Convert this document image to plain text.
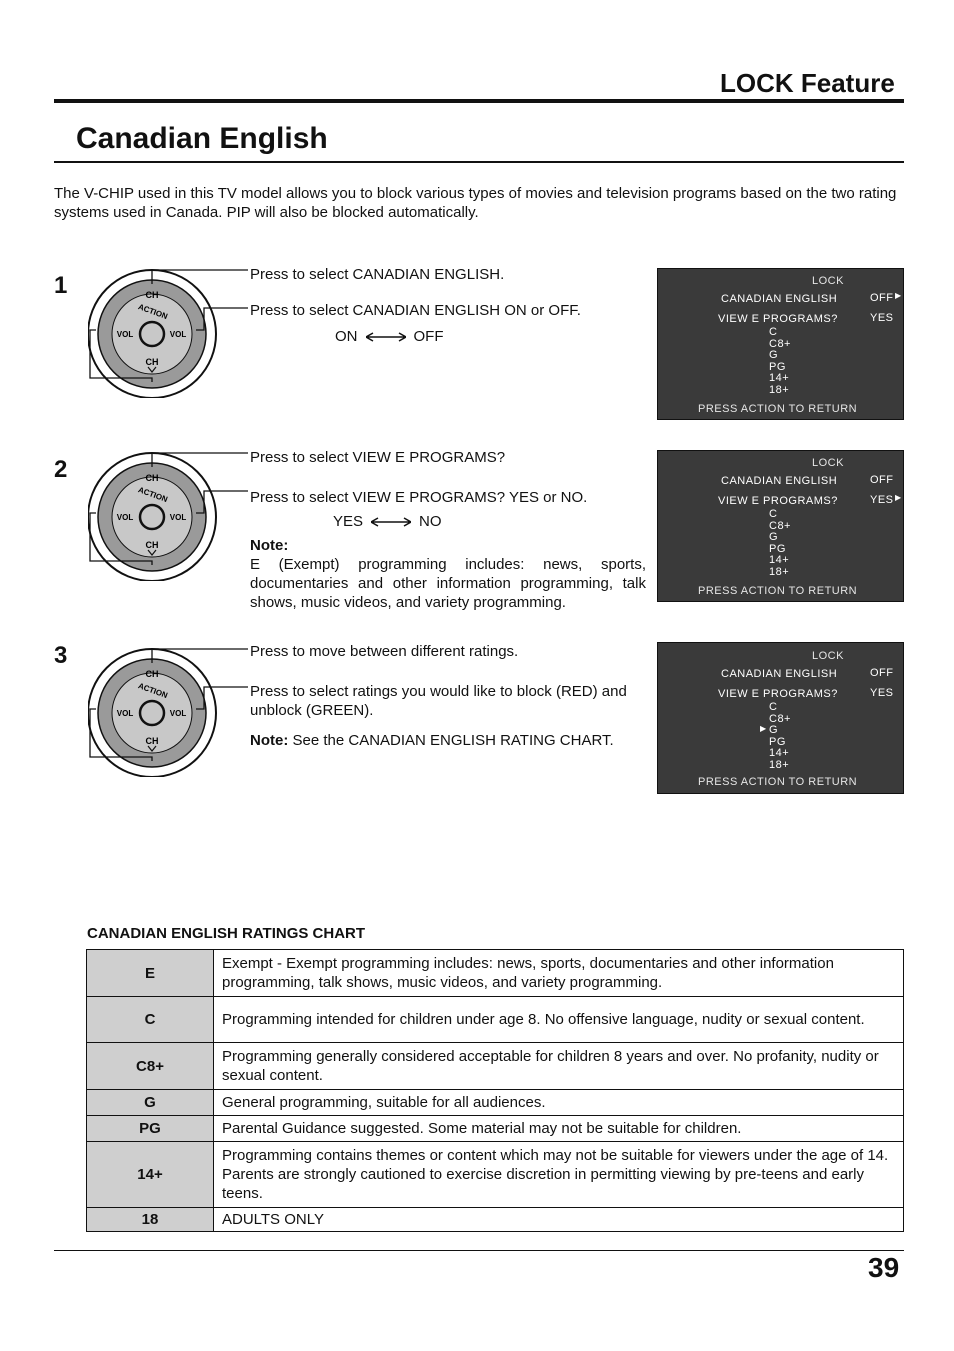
LOCK Feature
Canadian English
The V-CHIP used in this TV model allows you to block various types of movies and television programs based on the two rating systems used in Canada. PIP will also be blocked automatically.
1	CH
CH
VOL	VOL
ACTION
Press to select CANADIAN ENGLISH.
Press to select CANADIAN ENGLISH ON or OFF.
ON	OFF
LOCK
CANADIAN ENGLISH	OFF ▶
VIEW E PROGRAMS?	YES
C
C8+
G
PG
14+
18+
PRESS ACTION TO RETURN
2	CH
CH
VOL	VOL
ACTION
Press to select VIEW E PROGRAMS?
Press to select VIEW E PROGRAMS? YES or NO.
YES	NO
Note:
E (Exempt) programming includes: news, sports, documentaries and other information programming, talk shows, music videos, and variety programming.
LOCK
CANADIAN ENGLISH	OFF
VIEW E PROGRAMS?	YES ▶
C
C8+
G
PG
14+
18+
PRESS ACTION TO RETURN
3
CH
CH
VOL	VOL
ACTION
Press to move between different ratings.
Press to select ratings you would like to block (RED) and unblock (GREEN).
Note: See the CANADIAN ENGLISH RATING CHART.
LOCK
CANADIAN ENGLISH	OFF
VIEW E PROGRAMS?	YES
C
C8+
▶ G
PG
14+
18+
PRESS ACTION TO RETURN
CANADIAN ENGLISH RATINGS CHART
E	Exempt - Exempt programming includes: news, sports, documentaries and other information programming, talk shows, music videos, and variety programming.
C	Programming intended for children under age 8. No offensive language, nudity or sexual content.
C8+	Programming generally considered acceptable for children 8 years and over. No profanity, nudity or sexual content.
G	General programming, suitable for all audiences.
PG	Parental Guidance suggested. Some material may not be suitable for children.
14+	Programming contains themes or content which may not be suitable for viewers under the age of 14. Parents are strongly cautioned to exercise discretion in permitting viewing by pre-teens and early teens.
18	ADULTS ONLY
39
